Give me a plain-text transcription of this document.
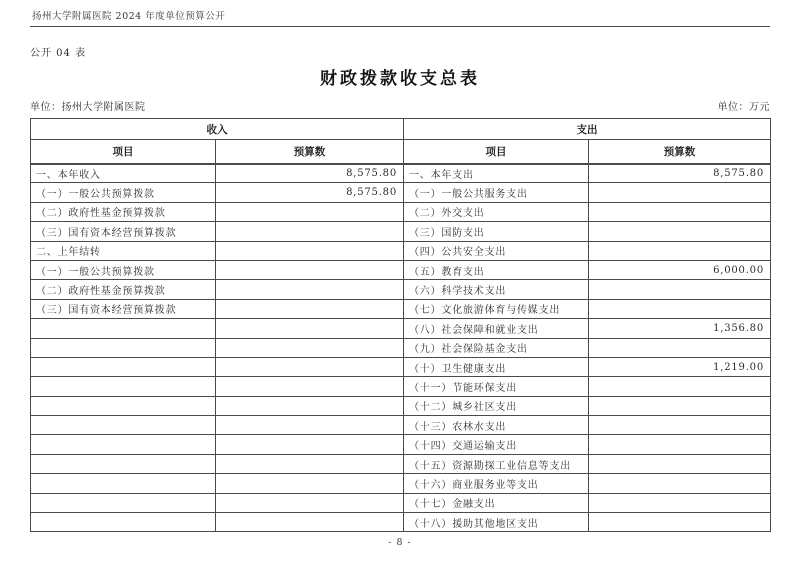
扬州大学附属医院 2024 年度单位预算公开
公开 04 表
财政拨款收支总表
单位：扬州大学附属医院	单位：万元
收入		支出	
项目	预算数	项目	预算数
一、本年收入	8,575.80	一、本年支出	8,575.80
（一）一般公共预算拨款	8,575.80	（一）一般公共服务支出	
（二）政府性基金预算拨款		（二）外交支出	
（三）国有资本经营预算拨款		（三）国防支出	
二、上年结转		（四）公共安全支出	
（一）一般公共预算拨款		（五）教育支出	6,000.00
（二）政府性基金预算拨款		（六）科学技术支出	
（三）国有资本经营预算拨款		（七）文化旅游体育与传媒支出	
		（八）社会保障和就业支出	1,356.80
		（九）社会保险基金支出	
		（十）卫生健康支出	1,219.00
		（十一）节能环保支出	
		（十二）城乡社区支出	
		（十三）农林水支出	
		（十四）交通运输支出	
		（十五）资源勘探工业信息等支出	
		（十六）商业服务业等支出	
		（十七）金融支出	
		（十八）援助其他地区支出	
- 8 -
